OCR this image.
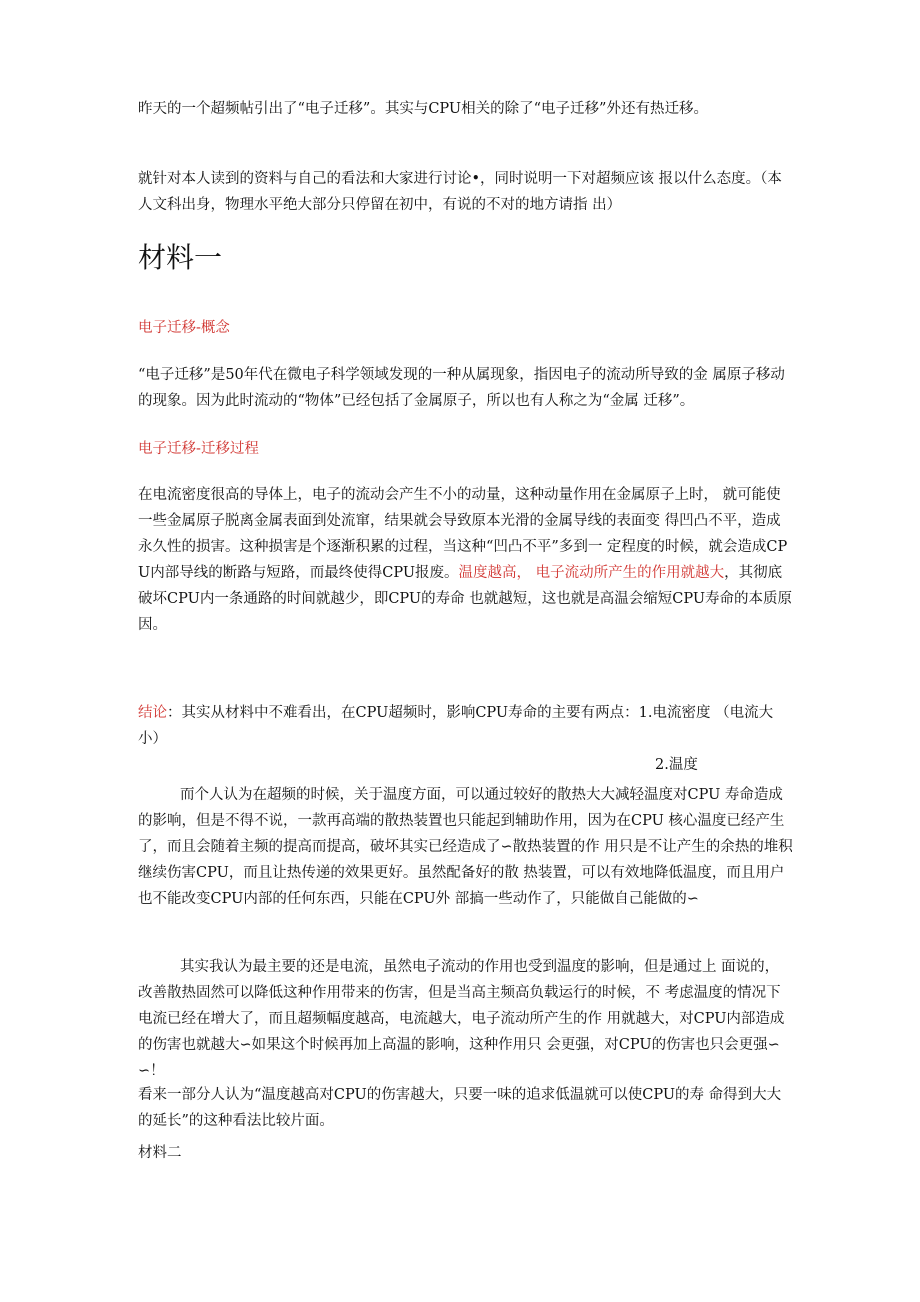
昨天的一个超频帖引出了“电子迁移”。其实与CPU相关的除了“电子迁移”外还有热迁移。

就针对本人读到的资料与自己的看法和大家进行讨论•，同时说明一下对超频应该 报以什么态度。（本人文科出身，物理水平绝大部分只停留在初中，有说的不对的地方请指 出）

材料一

电子迁移-概念

“电子迁移”是50年代在微电子科学领域发现的一种从属现象，指因电子的流动所导致的金 属原子移动的现象。因为此时流动的“物体”已经包括了金属原子，所以也有人称之为“金属 迁移”。

电子迁移-迁移过程

在电流密度很高的导体上，电子的流动会产生不小的动量，这种动量作用在金属原子上时， 就可能使一些金属原子脱离金属表面到处流窜，结果就会导致原本光滑的金属导线的表面变 得凹凸不平，造成永久性的损害。这种损害是个逐渐积累的过程，当这种“凹凸不平”多到一 定程度的时候，就会造成CPU内部导线的断路与短路，而最终使得CPU报废。温度越高， 电子流动所产生的作用就越大，其彻底破坏CPU内一条通路的时间就越少，即CPU的寿命 也就越短，这也就是高温会缩短CPU寿命的本质原因。

结论：其实从材料中不难看出，在CPU超频时，影响CPU寿命的主要有两点：1.电流密度 （电流大小）

2.温度

而个人认为在超频的时候，关于温度方面，可以通过较好的散热大大减轻温度对CPU 寿命造成的影响，但是不得不说，一款再高端的散热装置也只能起到辅助作用，因为在CPU 核心温度已经产生了，而且会随着主频的提高而提高，破坏其实已经造成了∽散热装置的作 用只是不让产生的余热的堆积继续伤害CPU，而且让热传递的效果更好。虽然配备好的散 热装置，可以有效地降低温度，而且用户也不能改变CPU内部的任何东西，只能在CPU外 部搞一些动作了，只能做自己能做的∽

其实我认为最主要的还是电流，虽然电子流动的作用也受到温度的影响，但是通过上 面说的，改善散热固然可以降低这种作用带来的伤害，但是当高主频高负载运行的时候，不 考虑温度的情况下电流已经在增大了，而且超频幅度越高，电流越大，电子流动所产生的作 用就越大，对CPU内部造成的伤害也就越大∽如果这个时候再加上高温的影响，这种作用只 会更强，对CPU的伤害也只会更强∽∽！

看来一部分人认为“温度越高对CPU的伤害越大，只要一味的追求低温就可以使CPU的寿 命得到大大的延长”的这种看法比较片面。

材料二
